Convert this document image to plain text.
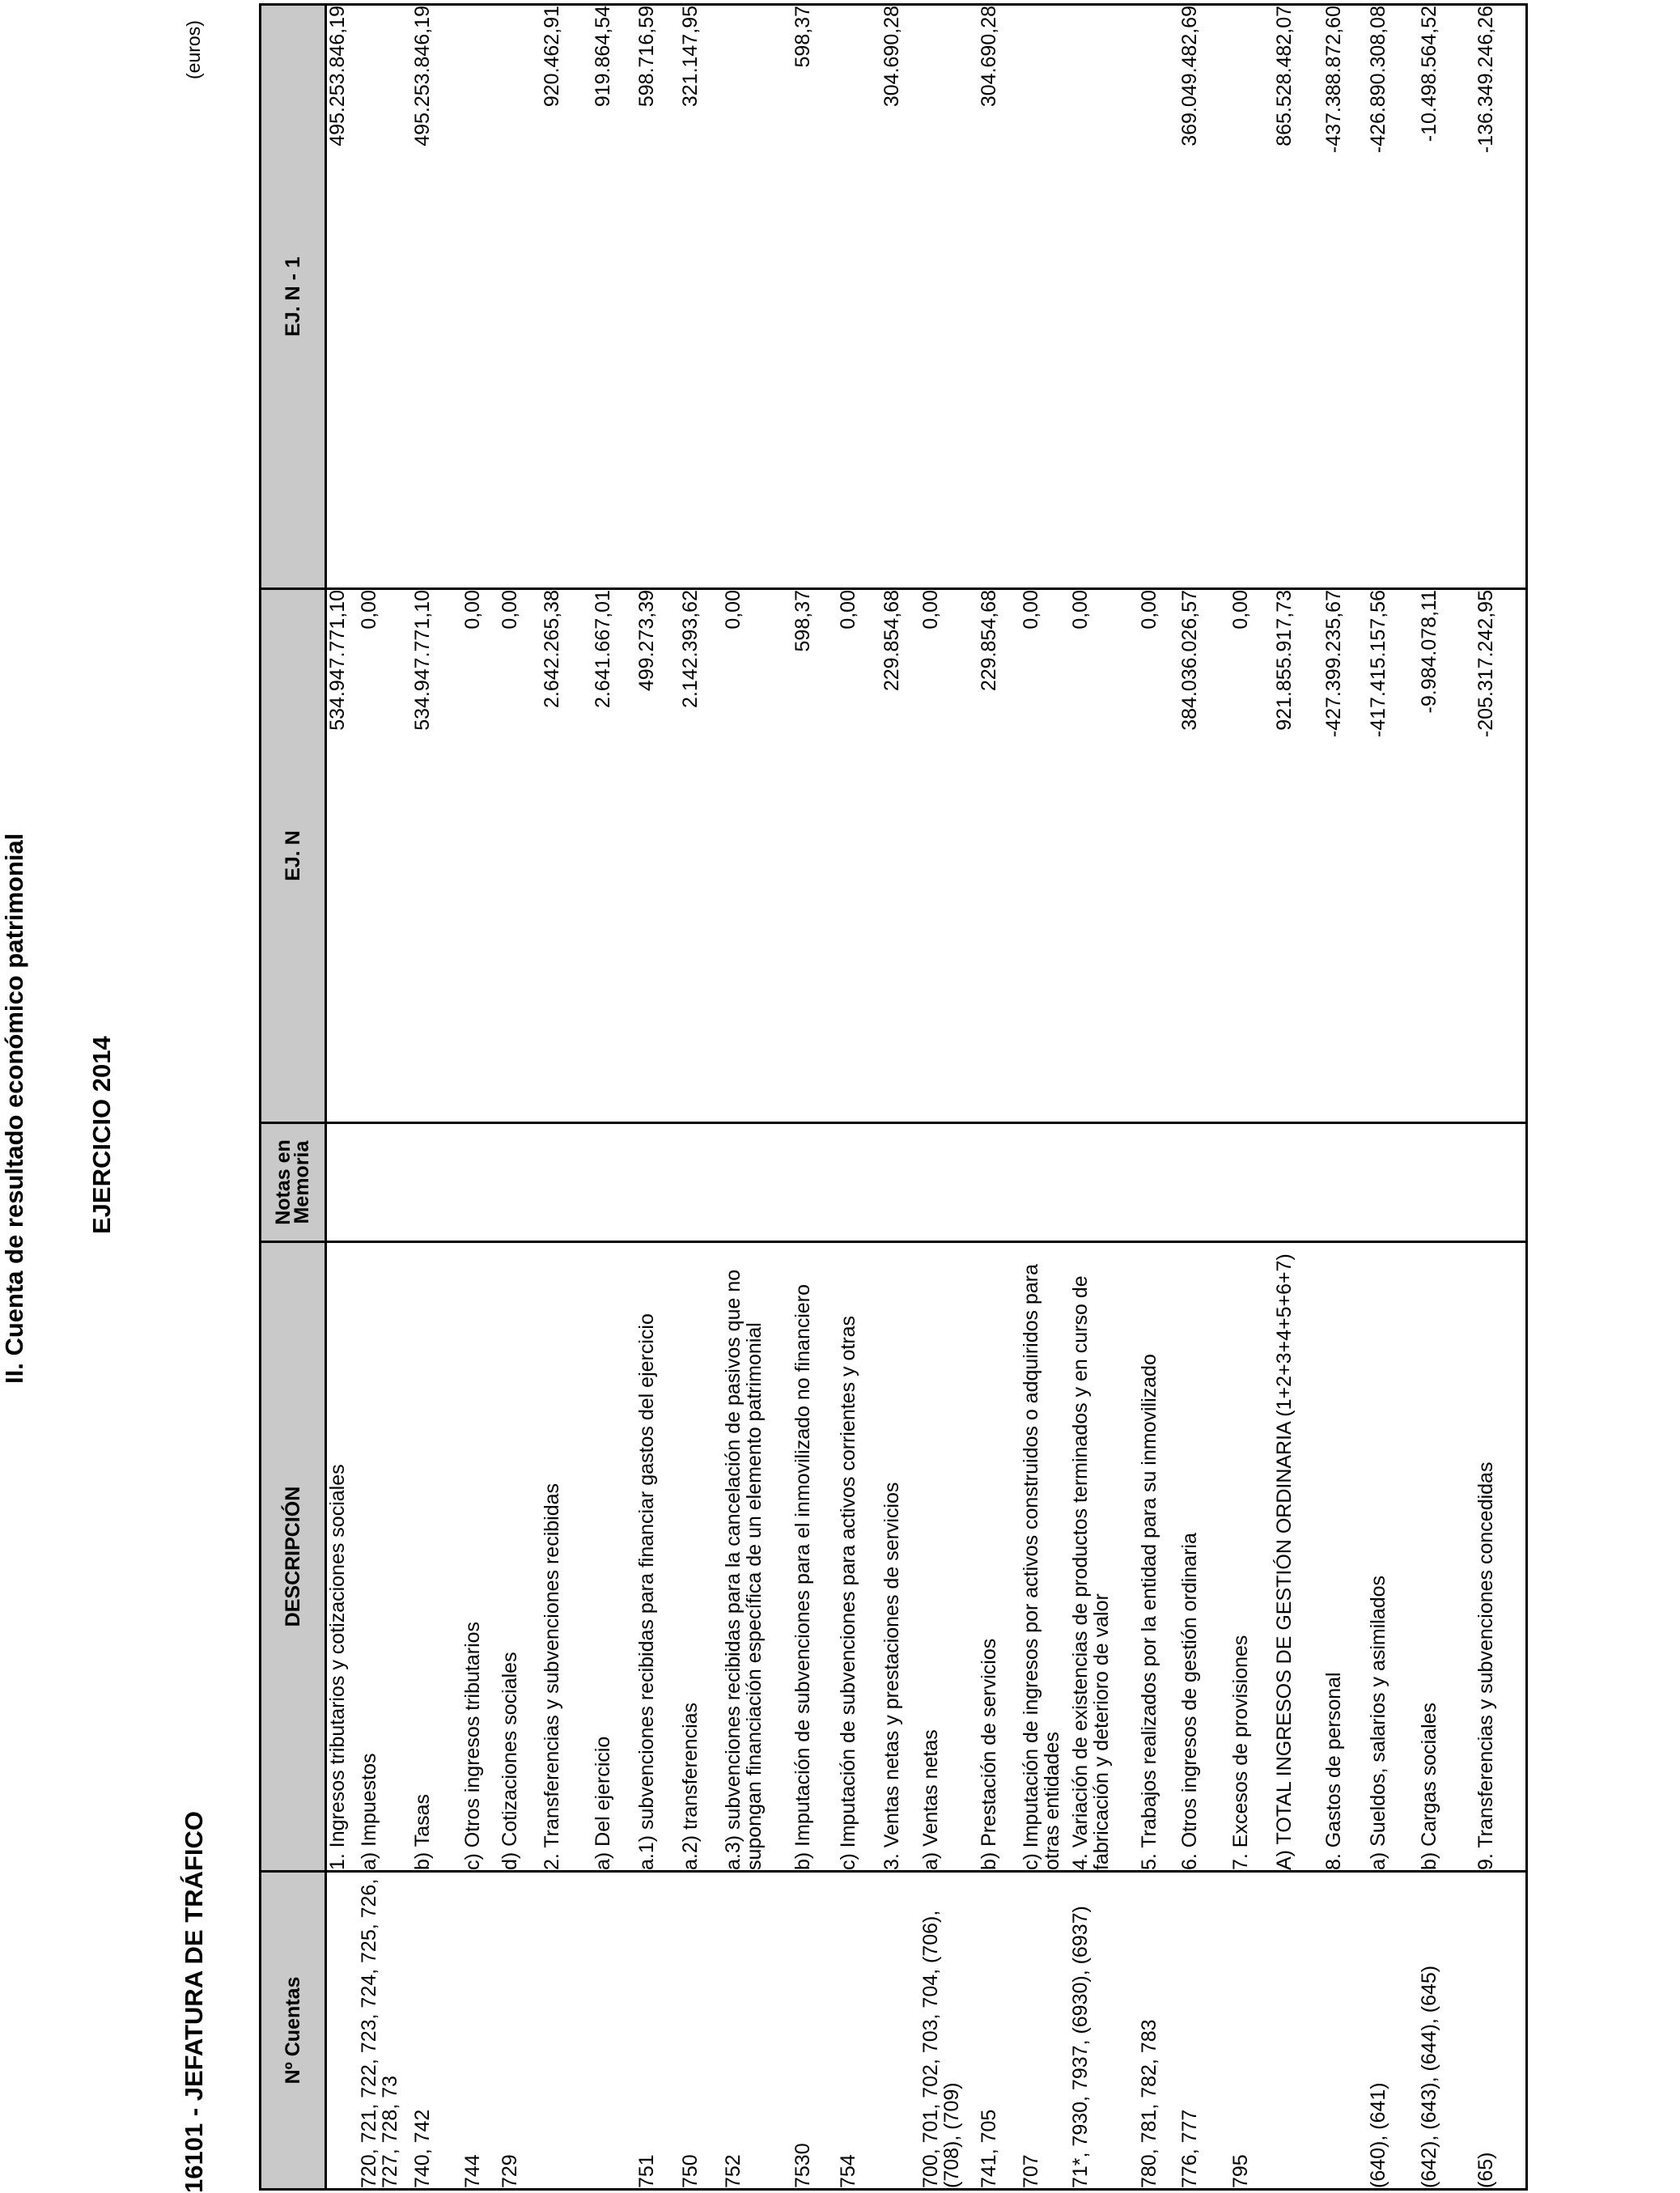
II. Cuenta de resultado económico patrimonial EJERCICIO 2014
(euros)
16101 - JEFATURA DE TRÁFICO	Nº Cuentas	DESCRIPCIÓN	Notas en Memoria	EJ. N	EJ. N - 1
	1. Ingresos tributarios y cotizaciones sociales		534.947.771,10	495.253.846,19
720, 721, 722, 723, 724, 725, 726, 727, 728, 73	a) Impuestos		0,00	
740, 742	b) Tasas		534.947.771,10	495.253.846,19
744	c) Otros ingresos tributarios		0,00	
729	d) Cotizaciones sociales		0,00	
	2. Transferencias y subvenciones recibidas		2.642.265,38	920.462,91
	a) Del ejercicio		2.641.667,01	919.864,54
751	a.1) subvenciones recibidas para financiar gastos del ejercicio		499.273,39	598.716,59
750	a.2) transferencias		2.142.393,62	321.147,95
752	a.3) subvenciones recibidas para la cancelación de pasivos que no supongan financiación específica de un elemento patrimonial		0,00	
7530	b) Imputación de subvenciones para el inmovilizado no financiero		598,37	598,37
754	c) Imputación de subvenciones para activos corrientes y otras		0,00	
	3. Ventas netas y prestaciones de servicios		229.854,68	304.690,28
700, 701, 702, 703, 704, (706), (708), (709)	a) Ventas netas		0,00	
741, 705	b) Prestación de servicios		229.854,68	304.690,28
707	c) Imputación de ingresos por activos construidos o adquiridos para otras entidades		0,00	
71*, 7930, 7937, (6930), (6937)	4. Variación de existencias de productos terminados y en curso de fabricación y deterioro de valor		0,00	
780, 781, 782, 783	5. Trabajos realizados por la entidad para su inmovilizado		0,00	
776, 777	6. Otros ingresos de gestión ordinaria		384.036.026,57	369.049.482,69
795	7. Excesos de provisiones		0,00	
	A) TOTAL INGRESOS DE GESTIÓN ORDINARIA (1+2+3+4+5+6+7)		921.855.917,73	865.528.482,07
	8. Gastos de personal		-427.399.235,67	-437.388.872,60
(640), (641)	a) Sueldos, salarios y asimilados		-417.415.157,56	-426.890.308,08
(642), (643), (644), (645)	b) Cargas sociales		-9.984.078,11	-10.498.564,52
(65)	9. Transferencias y subvenciones concedidas		-205.317.242,95	-136.349.246,26
